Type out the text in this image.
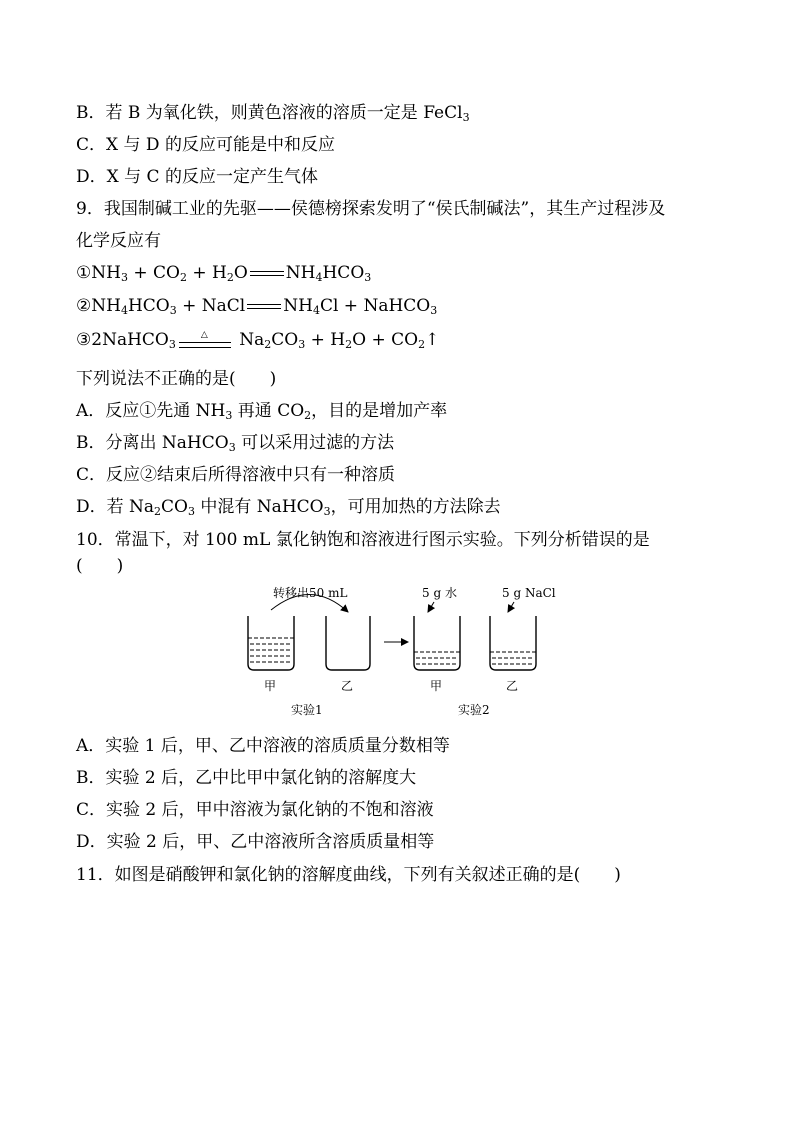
B．若 B 为氧化铁，则黄色溶液的溶质一定是 FeCl$_3$
C．X 与 D 的反应可能是中和反应
D．X 与 C 的反应一定产生气体
9．我国制碱工业的先驱——侯德榜探索发明了“侯氏制碱法”，其生产过程涉及
化学反应有
$①NH_3 + CO_2 + H_2O$ $NH_4HCO_3$
$②NH_4HCO_3$ + NaCl $NH_4Cl$ + NaHCO$_3$
③2NaHCO$_3$
△ $Na_2CO_3 + H_2O$ + $CO_2↑$
下列说法不正确的是( )
A．反应①先通 $NH_3$ 再通 $CO_2$，目的是增加产率
B．分离出 NaHCO$_3$ 可以采用过滤的方法
C．反应②结束后所得溶液中只有一种溶质
D．若 $Na_2CO_3$ 中混有 NaHCO$_3$，可用加热的方法除去
10．常温下，对 100 mL 氯化钠饱和溶液进行图示实验。下列分析错误的是
( )
转移出50 mL
甲	乙
实验1
5 g 水	5 g NaCl
甲	乙
实验2
A．实验 1 后，甲、乙中溶液的溶质质量分数相等
B．实验 2 后，乙中比甲中氯化钠的溶解度大
C．实验 2 后，甲中溶液为氯化钠的不饱和溶液
D．实验 2 后，甲、乙中溶液所含溶质质量相等
11．如图是硝酸钾和氯化钠的溶解度曲线，下列有关叙述正确的是( )
